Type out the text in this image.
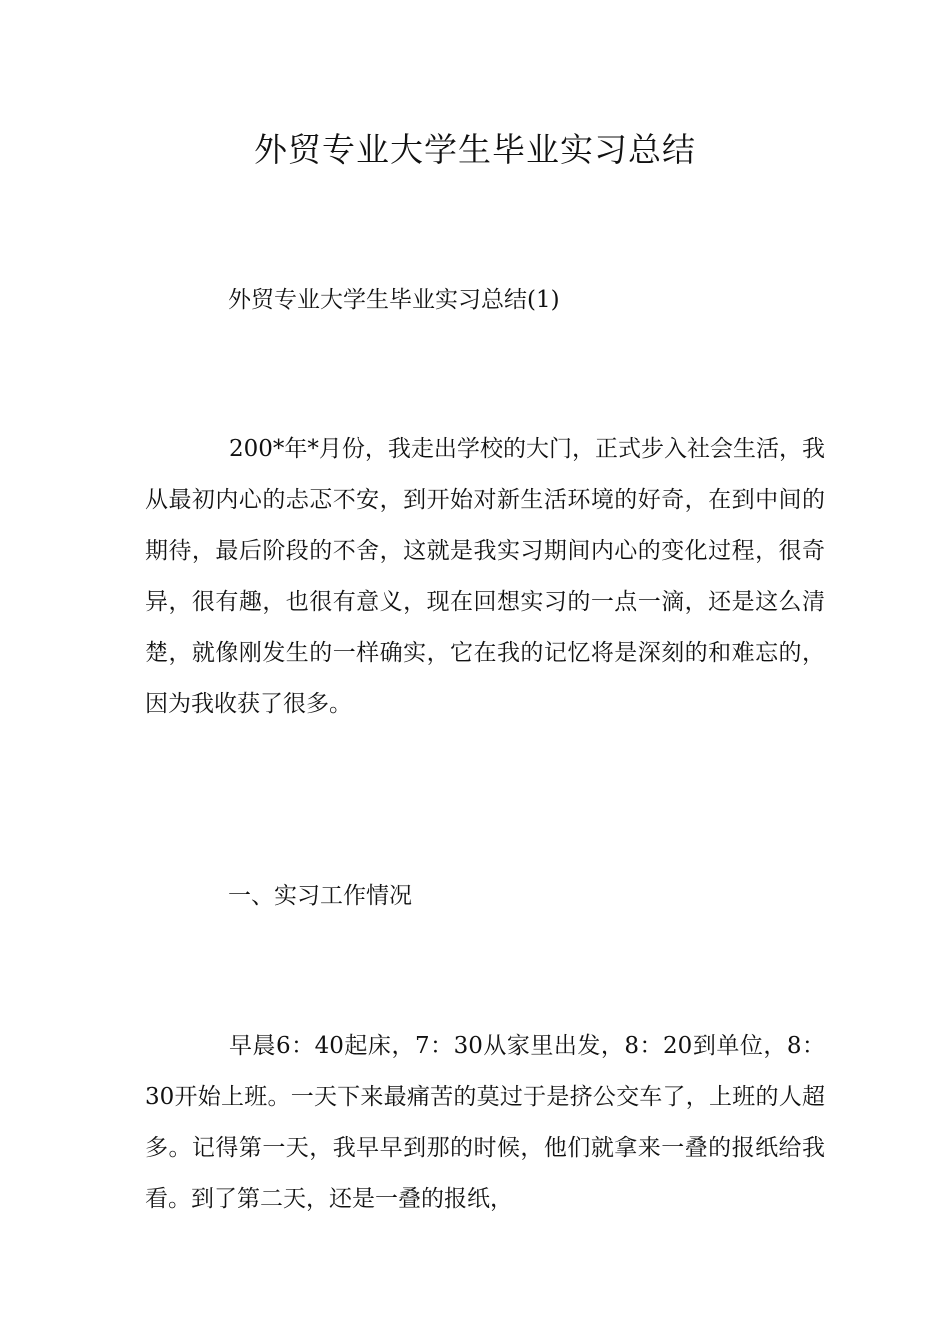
外贸专业大学生毕业实习总结

外贸专业大学生毕业实习总结(1)

200*年*月份，我走出学校的大门，正式步入社会生活，我从最初内心的忐忑不安，到开始对新生活环境的好奇，在到中间的期待，最后阶段的不舍，这就是我实习期间内心的变化过程，很奇异，很有趣，也很有意义，现在回想实习的一点一滴，还是这么清楚，就像刚发生的一样确实，它在我的记忆将是深刻的和难忘的，因为我收获了很多。

一、实习工作情况

早晨6：40起床，7：30从家里出发，8：20到单位，8：30开始上班。一天下来最痛苦的莫过于是挤公交车了，上班的人超多。记得第一天，我早早到那的时候，他们就拿来一叠的报纸给我看。到了第二天，还是一叠的报纸，
